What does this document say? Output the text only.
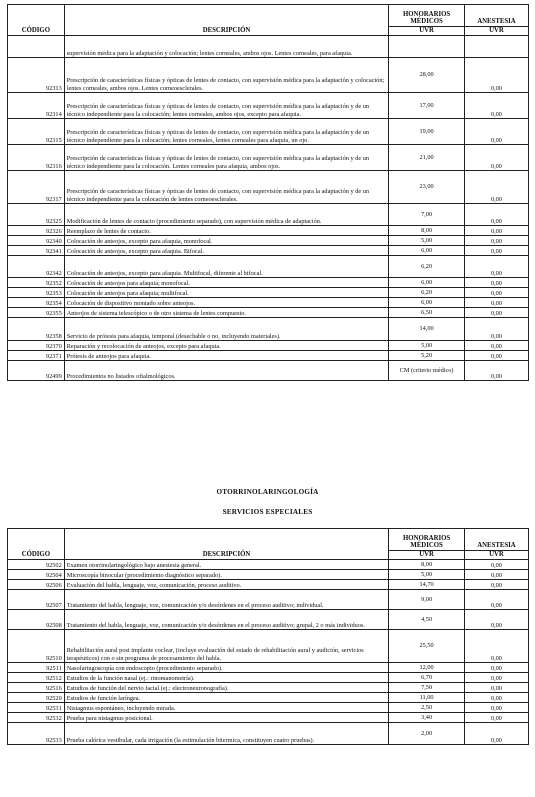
CÓDIGO	DESCRIPCIÓN	HONORARIOS MÉDICOS	ANESTESIA
		UVR	UVR
	supervisión médica para la adaptación y colocación; lentes corneales, ambos ojos. Lentes corneales, para afaquia.		
92313	Prescripción de características físicas y ópticas de lentes de contacto, con supervisión médica para la adaptación y colocación; lentes corneales, ambos ojos. Lentes corneoesclerales.	28,00	0,00
92314	Prescripción de características físicas y ópticas de lentes de contacto, con supervisión médica para la adaptación y de un técnico independiente para la colocación; lentes corneales, ambos ojos, excepto para afaquia.	17,00	0,00
92315	Prescripción de características físicas y ópticas de lentes de contacto, con supervisión médica para la adaptación y de un técnico independiente para la colocación; lentes corneales, lentes corneales para afaquia, un ojo.	19,00	0,00
92316	Prescripción de características físicas y ópticas de lentes de contacto, con supervisión médica para la adaptación y de un técnico independiente para la colocación. Lentes corneales para afaquia, ambos ojos.	21,00	0,00
92317	Prescripción de características físicas y ópticas de lentes de contacto, con supervisión médica para la adaptación y de un técnico independiente para la colocación de lentes corneoesclerales.	23,00	0,00
92325	Modificación de lentes de contacto (procedimiento separado), con supervisión médica de adaptación.	7,00	0,00
92326	Reemplazo de lentes de contacto.	8,00	0,00
92340	Colocación de anteojos, excepto para afaquia, monofocal.	5,00	0,00
92341	Colocación de anteojos, excepto para afaquia. Bifocal.	6,00	0,00
92342	Colocación de anteojos, excepto para afaquia. Multifocal, diferente al bifocal.	6,20	0,00
92352	Colocación de anteojos para afaquia; monofocal.	6,00	0,00
92353	Colocación de anteojos para afaquia; multifocal.	6,20	0,00
92354	Colocación de dispositivo montado sobre anteojos.	6,00	0,00
92355	Anteojos de sistema telescópico o de otro sistema de lentes compuesto.	6,50	0,00
92358	Servicio de prótesis para afaquia, temporal (desechable o no, incluyendo materiales).	14,00	0,00
92370	Reparación y recolocación de anteojos, excepto para afaquia.	5,00	0,00
92371	Prótesis de anteojos para afaquia.	5,20	0,00
92499	Procedimientos no listados oftalmológicos.	CM (criterio médico)	0,00
OTORRINOLARINGOLOGÍA
SERVICIOS ESPECIALES
CÓDIGO	DESCRIPCIÓN	HONORARIOS MÉDICOS	ANESTESIA
		UVR	UVR
92502	Examen otorrinolaringológico bajo anestesia general.	8,00	0,00
92504	Microscopía binocular (procedimiento diagnóstico separado).	5,00	0,00
92506	Evaluación del habla, lenguaje, voz, comunicación, proceso auditivo.	14,70	0,00
92507	Tratamiento del habla, lenguaje, voz, comunicación y/o desórdenes en el proceso auditivo; individual.	9,00	0,00
92508	Tratamiento del habla, lenguaje, voz, comunicación y/o desórdenes en el proceso auditivo; grupal, 2 o más individuos.	4,50	0,00
92510	Rehabilitación aural post implante coclear, (incluye evaluación del estado de rehabilitación aural y audición, servicios terapéuticos) con o sin programa de procesamiento del habla.	25,50	0,00
92511	Nasofaringoscopía con endoscopio (procedimiento separado).	12,00	0,00
92512	Estudios de la función nasal (ej.: rinomanometría).	6,70	0,00
92516	Estudios de función del nervio facial (ej.: electroneuronografía).	7,50	0,00
92520	Estudios de función laríngea.	11,00	0,00
92531	Nistagmus espontáneo, incluyendo mirada.	2,50	0,00
92532	Prueba para nistagmus posicional.	3,40	0,00
92533	Prueba calórica vestibular, cada irrigación (la estimulación bitermica, constituyen cuatro pruebas).	2,00	0,00
